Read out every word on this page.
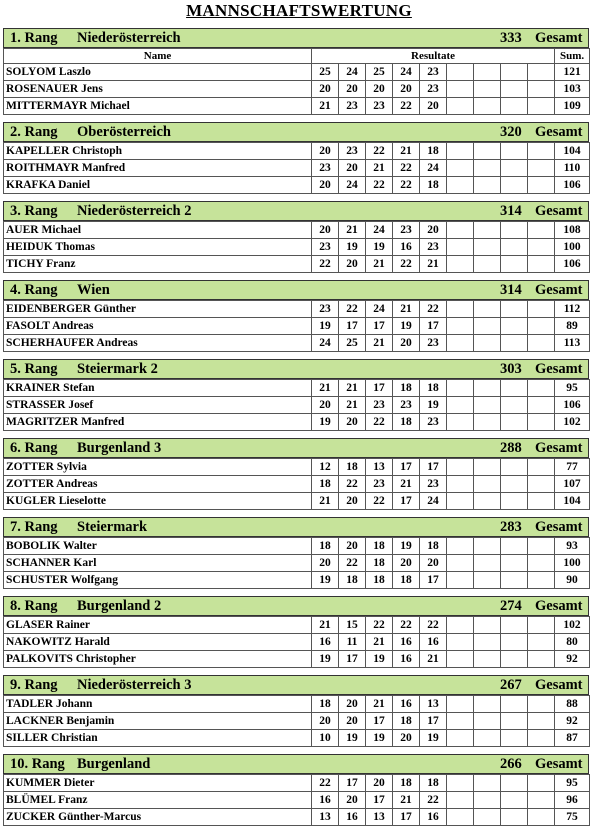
MANNSCHAFTSWERTUNG
1. Rang Niederösterreich	333 Gesamt
Name	Resultate									Sum.
SOLYOM Laszlo	25	24	25	24	23					121
ROSENAUER Jens	20	20	20	20	23					103
MITTERMAYR Michael	21	23	23	22	20					109
2. Rang Oberösterreich	320 Gesamt
KAPELLER Christoph	20	23	22	21	18					104
ROITHMAYR Manfred	23	20	21	22	24					110
KRAFKA Daniel	20	24	22	22	18					106
3. Rang Niederösterreich 2	314 Gesamt
AUER Michael	20	21	24	23	20					108
HEIDUK Thomas	23	19	19	16	23					100
TICHY Franz	22	20	21	22	21					106
4. Rang Wien	314 Gesamt
EIDENBERGER Günther	23	22	24	21	22					112
FASOLT Andreas	19	17	17	19	17					89
SCHERHAUFER Andreas	24	25	21	20	23					113
5. Rang Steiermark 2	303 Gesamt
KRAINER Stefan	21	21	17	18	18					95
STRASSER Josef	20	21	23	23	19					106
MAGRITZER Manfred	19	20	22	18	23					102
6. Rang Burgenland 3	288 Gesamt
ZOTTER Sylvia	12	18	13	17	17					77
ZOTTER Andreas	18	22	23	21	23					107
KUGLER Lieselotte	21	20	22	17	24					104
7. Rang Steiermark	283 Gesamt
BOBOLIK Walter	18	20	18	19	18					93
SCHANNER Karl	20	22	18	20	20					100
SCHUSTER Wolfgang	19	18	18	18	17					90
8. Rang Burgenland 2	274 Gesamt
GLASER Rainer	21	15	22	22	22					102
NAKOWITZ Harald	16	11	21	16	16					80
PALKOVITS Christopher	19	17	19	16	21					92
9. Rang Niederösterreich 3	267 Gesamt
TADLER Johann	18	20	21	16	13					88
LACKNER Benjamin	20	20	17	18	17					92
SILLER Christian	10	19	19	20	19					87
10. Rang Burgenland	266 Gesamt
KUMMER Dieter	22	17	20	18	18					95
BLÜMEL Franz	16	20	17	21	22					96
ZUCKER Günther-Marcus	13	16	13	17	16					75
